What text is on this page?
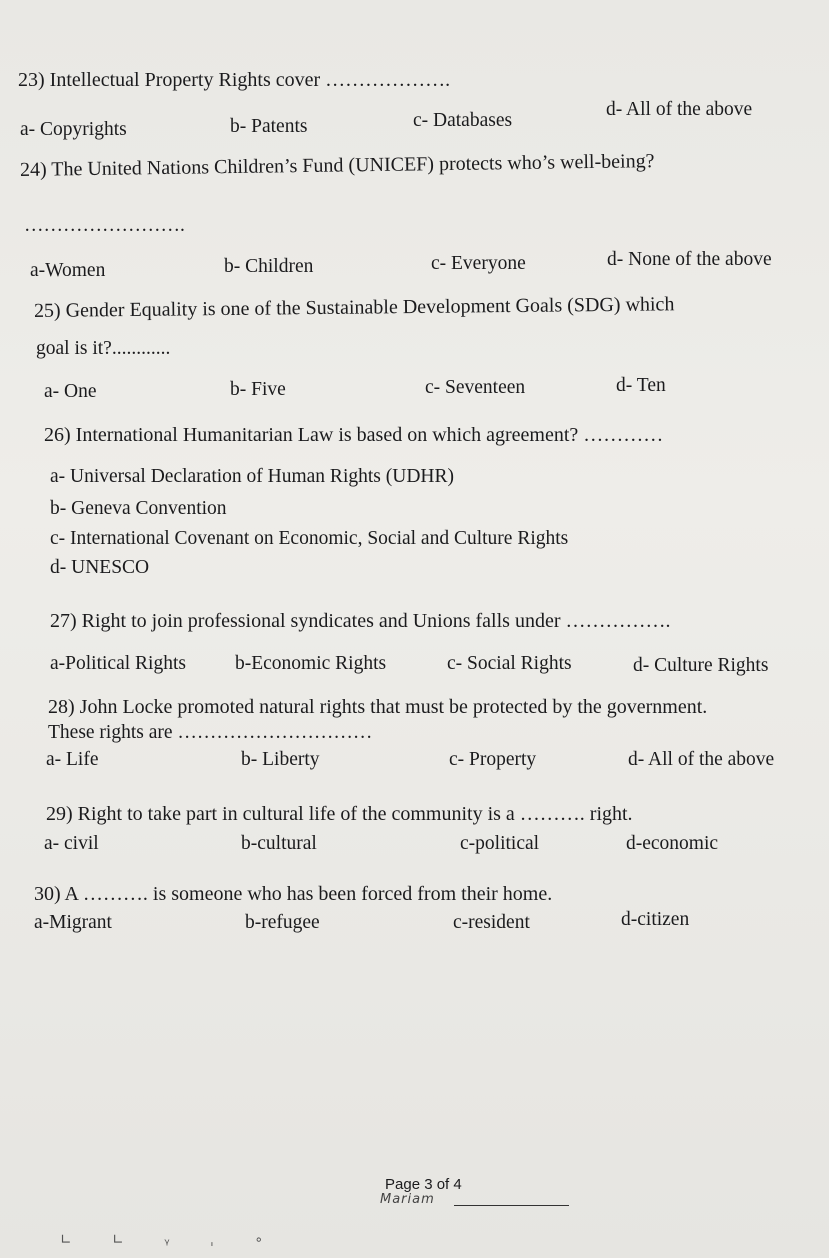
23) Intellectual Property Rights cover ……………….
a- Copyrights	b- Patents	c- Databases
d- All of the above
24) The United Nations Children’s Fund (UNICEF) protects who’s well-being?
…………………….
a-Women	b- Children	c- Everyone	d- None of the above
25) Gender Equality is one of the Sustainable Development Goals (SDG) which
goal is it?............
a- One	b- Five	c- Seventeen	d- Ten
26) International Humanitarian Law is based on which agreement? …………
a- Universal Declaration of Human Rights (UDHR)
b- Geneva Convention
c- International Covenant on Economic, Social and Culture Rights
d- UNESCO
27) Right to join professional syndicates and Unions falls under …………….
a-Political Rights	b-Economic Rights	c- Social Rights	d- Culture Rights
28) John Locke promoted natural rights that must be protected by the government.
These rights are …………………………
a- Life	b- Liberty	c- Property	d- All of the above
29) Right to take part in cultural life of the community is a ………. right.
a- civil	b-cultural	c-political	d-economic
30) A ………. is someone who has been forced from their home.
a-Migrant	b-refugee	c-resident	d-citizen
Page 3 of 4
Mariam
∟ ∟ ᵧ ˌ ∘
